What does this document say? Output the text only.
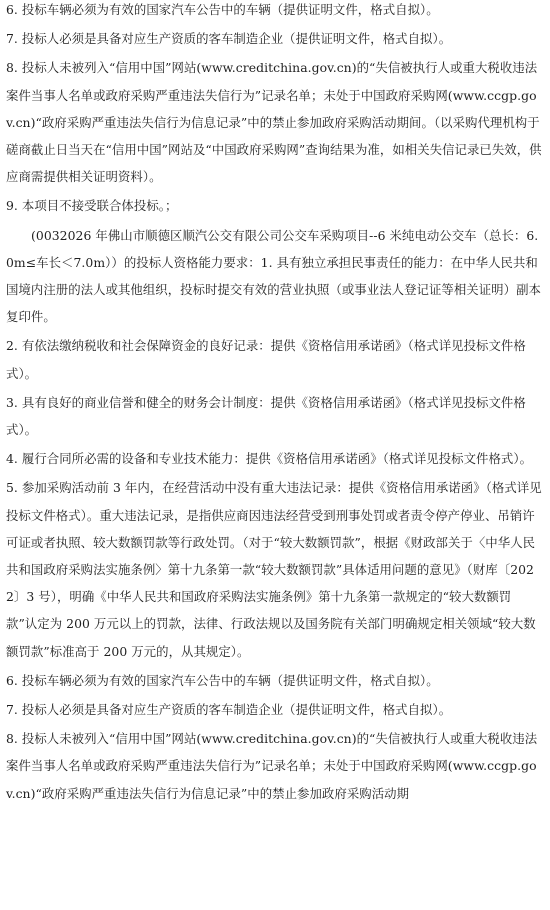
6. 投标车辆必须为有效的国家汽车公告中的车辆（提供证明文件，格式自拟）。

7. 投标人必须是具备对应生产资质的客车制造企业（提供证明文件，格式自拟）。

8. 投标人未被列入“信用中国”网站(www.creditchina.gov.cn)的“失信被执行人或重大税收违法案件当事人名单或政府采购严重违法失信行为”记录名单；未处于中国政府采购网(www.ccgp.gov.cn)“政府采购严重违法失信行为信息记录”中的禁止参加政府采购活动期间。（以采购代理机构于磋商截止日当天在“信用中国”网站及“中国政府采购网”查询结果为准，如相关失信记录已失效，供应商需提供相关证明资料）。

9. 本项目不接受联合体投标。；

(0032026 年佛山市顺德区顺汽公交有限公司公交车采购项目--6 米纯电动公交车（总长：6.0m≤车长＜7.0m））的投标人资格能力要求：1. 具有独立承担民事责任的能力：在中华人民共和国境内注册的法人或其他组织，投标时提交有效的营业执照（或事业法人登记证等相关证明）副本复印件。

2. 有依法缴纳税收和社会保障资金的良好记录：提供《资格信用承诺函》（格式详见投标文件格式）。

3. 具有良好的商业信誉和健全的财务会计制度：提供《资格信用承诺函》（格式详见投标文件格式）。

4. 履行合同所必需的设备和专业技术能力：提供《资格信用承诺函》（格式详见投标文件格式）。

5. 参加采购活动前 3 年内，在经营活动中没有重大违法记录：提供《资格信用承诺函》（格式详见投标文件格式）。重大违法记录，是指供应商因违法经营受到刑事处罚或者责令停产停业、吊销许可证或者执照、较大数额罚款等行政处罚。（对于“较大数额罚款”，根据《财政部关于〈中华人民共和国政府采购法实施条例〉第十九条第一款“较大数额罚款”具体适用问题的意见》（财库〔2022〕3 号），明确《中华人民共和国政府采购法实施条例》第十九条第一款规定的“较大数额罚款”认定为 200 万元以上的罚款，法律、行政法规以及国务院有关部门明确规定相关领域“较大数额罚款”标准高于 200 万元的，从其规定）。

6. 投标车辆必须为有效的国家汽车公告中的车辆（提供证明文件，格式自拟）。

7. 投标人必须是具备对应生产资质的客车制造企业（提供证明文件，格式自拟）。

8. 投标人未被列入“信用中国”网站(www.creditchina.gov.cn)的“失信被执行人或重大税收违法案件当事人名单或政府采购严重违法失信行为”记录名单；未处于中国政府采购网(www.ccgp.gov.cn)“政府采购严重违法失信行为信息记录”中的禁止参加政府采购活动期
